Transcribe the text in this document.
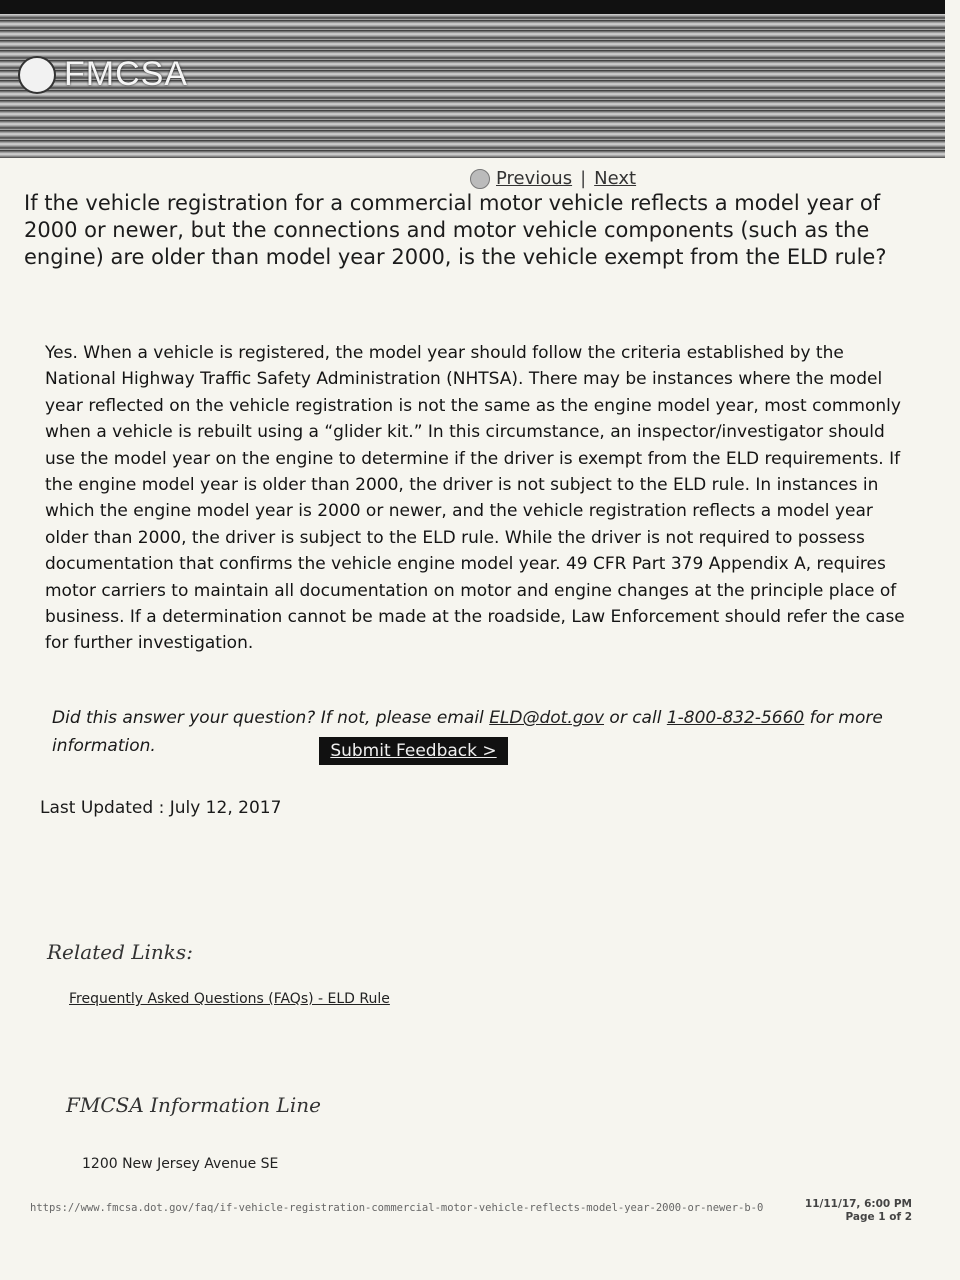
FMCSA
Previous | Next
If the vehicle registration for a commercial motor vehicle reflects a model year of 2000 or newer, but the connections and motor vehicle components (such as the engine) are older than model year 2000, is the vehicle exempt from the ELD rule?
Yes. When a vehicle is registered, the model year should follow the criteria established by the National Highway Traffic Safety Administration (NHTSA). There may be instances where the model year reflected on the vehicle registration is not the same as the engine model year, most commonly when a vehicle is rebuilt using a “glider kit.” In this circumstance, an inspector/investigator should use the model year on the engine to determine if the driver is exempt from the ELD requirements. If the engine model year is older than 2000, the driver is not subject to the ELD rule. In instances in which the engine model year is 2000 or newer, and the vehicle registration reflects a model year older than 2000, the driver is subject to the ELD rule. While the driver is not required to possess documentation that confirms the vehicle engine model year. 49 CFR Part 379 Appendix A, requires motor carriers to maintain all documentation on motor and engine changes at the principle place of business. If a determination cannot be made at the roadside, Law Enforcement should refer the case for further investigation.
Did this answer your question? If not, please email ELD@dot.gov or call 1-800-832-5660 for more information.	Submit Feedback >
Last Updated : July 12, 2017
Related Links:
Frequently Asked Questions (FAQs) - ELD Rule
FMCSA Information Line
1200 New Jersey Avenue SE
https://www.fmcsa.dot.gov/faq/if-vehicle-registration-commercial-motor-vehicle-reflects-model-year-2000-or-newer-b-0	11/11/17, 6:00 PM
Page 1 of 2
